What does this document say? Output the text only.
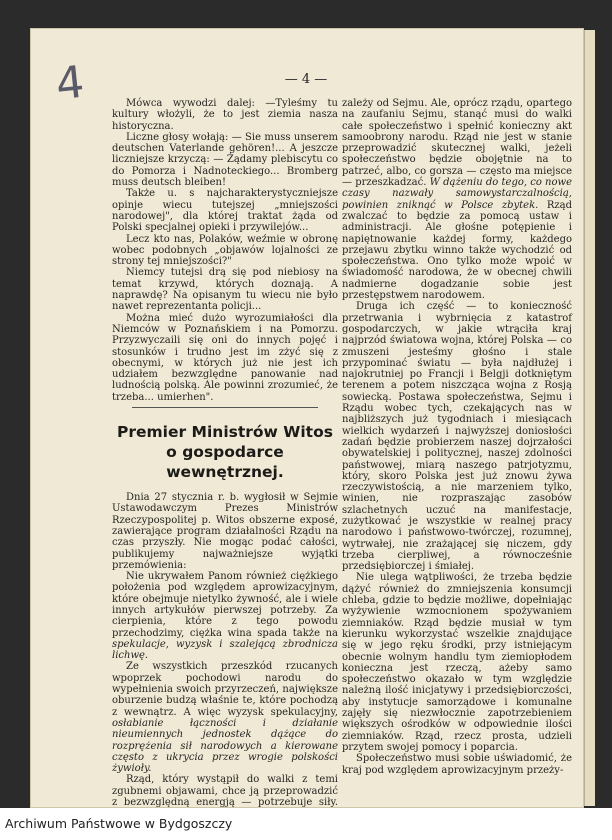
4	— 4 —

Mówca wywodzi dalej: —Tyleśmy tu kultury włożyli, że to jest ziemia nasza historyczna.

Liczne głosy wołają: — Sie muss unserem deutschen Vaterlande gehören!... A jeszcze liczniejsze krzyczą: — Żądamy plebiscytu co do Pomorza i Nadnoteckiego... Bromberg muss deutsch bleiben!

Także u. s najcharakterystyczniejsze opinje wiecu tutejszej „mniejszości narodowej", dla której traktat żąda od Polski specjalnej opieki i przywilejów...

Lecz kto nas, Polaków, weźmie w obronę wobec podobnych „objawów lojalności ze strony tej mniejszości?"

Niemcy tutejsi drą się pod niebiosy na temat krzywd, których doznają. A naprawdę? Na opisanym tu wiecu nie było nawet reprezentanta policji...

Można mieć dużo wyrozumiałości dla Niemców w Poznańskiem i na Pomorzu. Przyzwyczaili się oni do innych pojęć i stosunków i trudno jest im zżyć się z obecnymi, w których już nie jest ich udziałem bezwzględne panowanie nad ludnością polską. Ale powinni zrozumieć, że trzeba... umierhen".

Premier Ministrów Witos o gospodarce wewnętrznej.

Dnia 27 stycznia r. b. wygłosił w Sejmie Ustawodawczym Prezes Ministrów Rzeczypospolitej p. Witos obszerne exposé, zawierające program działalności Rządu na czas przyszły. Nie mogąc podać całości, publikujemy najważniejsze wyjątki przemówienia:

Nie ukrywałem Panom również ciężkiego położenia pod względem aprowizacyjnym, które obejmuje nietylko żywność, ale i wiele innych artykułów pierwszej potrzeby. Za cierpienia, które z tego powodu przechodzimy, ciężka wina spada także na spekulacje, wyzysk i szalejącą zbrodnicza lichwę.

Ze wszystkich przeszkód rzucanych wpoprzek pochodowi narodu do wypełnienia swoich przyrzeczeń, największe oburzenie budzą właśnie te, które pochodzą z wewnątrz. A więc wyzysk spekulacyjny, osłabianie łączności i działanie nieumiennych jednostek dążące do rozprężenia sił narodowych a kierowane często z ukrycia przez wrogie polskości żywioły.

Rząd, który wystąpił do walki z temi zgubnemi objawami, chce ją przeprowadzić z bezwzględną energją — potrzebuje siły.

zależy od Sejmu. Ale, oprócz rządu, opartego na zaufaniu Sejmu, stanąć musi do walki całe społeczeństwo i spełnić konieczny akt samoobrony narodu. Rząd nie jest w stanie przeprowadzić skutecznej walki, jeżeli społeczeństwo będzie obojętnie na to patrzeć, albo, co gorsza — często ma miejsce — przeszkadzać. W dążeniu do tego, co nowe czasy nazwały samowystarczalnością, powinien zniknąć w Polsce zbytek. Rząd zwalczać to będzie za pomocą ustaw i administracji. Ale głośne potępienie i napiętnowanie każdej formy, każdego przejawu zbytku winno także wychodzić od społeczeństwa. Ono tylko może wpoić w świadomość narodowa, że w obecnej chwili nadmierne dogadzanie sobie jest przestępstwem narodowem.

Druga ich część — to konieczność przetrwania i wybrnięcia z katastrof gospodarczych, w jakie wtrąciła kraj najprzód światowa wojna, której Polska — co zmuszeni jesteśmy głośno i stale przypominać światu — była najdłużej i najokrutniej po Francji i Belgji dotkniętym terenem a potem niszcząca wojna z Rosją sowiecką. Postawa społeczeństwa, Sejmu i Rządu wobec tych, czekających nas w najbliższych już tygodniach i miesiącach wielkich wydarzeń i najwyższej doniosłości zadań będzie probierzem naszej dojrzałości obywatelskiej i politycznej, naszej zdolności państwowej, miarą naszego patrjotyzmu, który, skoro Polska jest już znowu żywa rzeczywistością, a nie marzeniem tylko, winien, nie rozpraszając zasobów szlachetnych uczuć na manifestacje, zużytkować je wszystkie w realnej pracy narodowo i państwowo-twórczej, rozumnej, wytrwałej, nie zrażającej się niczem, gdy trzeba cierpliwej, a równocześnie przedsiębiorczej i śmiałej.

Nie ulega wątpliwości, że trzeba będzie dążyć również do zmniejszenia konsumcji chleba, gdzie to będzie możliwe, dopełniając wyżywienie wzmocnionem spożywaniem ziemniaków. Rząd będzie musiał w tym kierunku wykorzystać wszelkie znajdujące się w jego ręku środki, przy istniejącym obecnie wolnym handlu tym ziemiopłodem konieczna jest rzeczą, ażeby samo społeczeństwo okazało w tym względzie należną ilość inicjatywy i przedsiębiorczości, aby instytucje samorządowe i komunalne zajęły się niezwłocznie zapotrzebieniem większych ośrodków w odpowiednie ilości ziemniaków. Rząd, rzecz prosta, udzieli przytem swojej pomocy i poparcia.

Społeczeństwo musi sobie uświadomić, że kraj pod względem aprowizacyjnym przeży-

Archiwum Państwowe w Bydgoszczy
